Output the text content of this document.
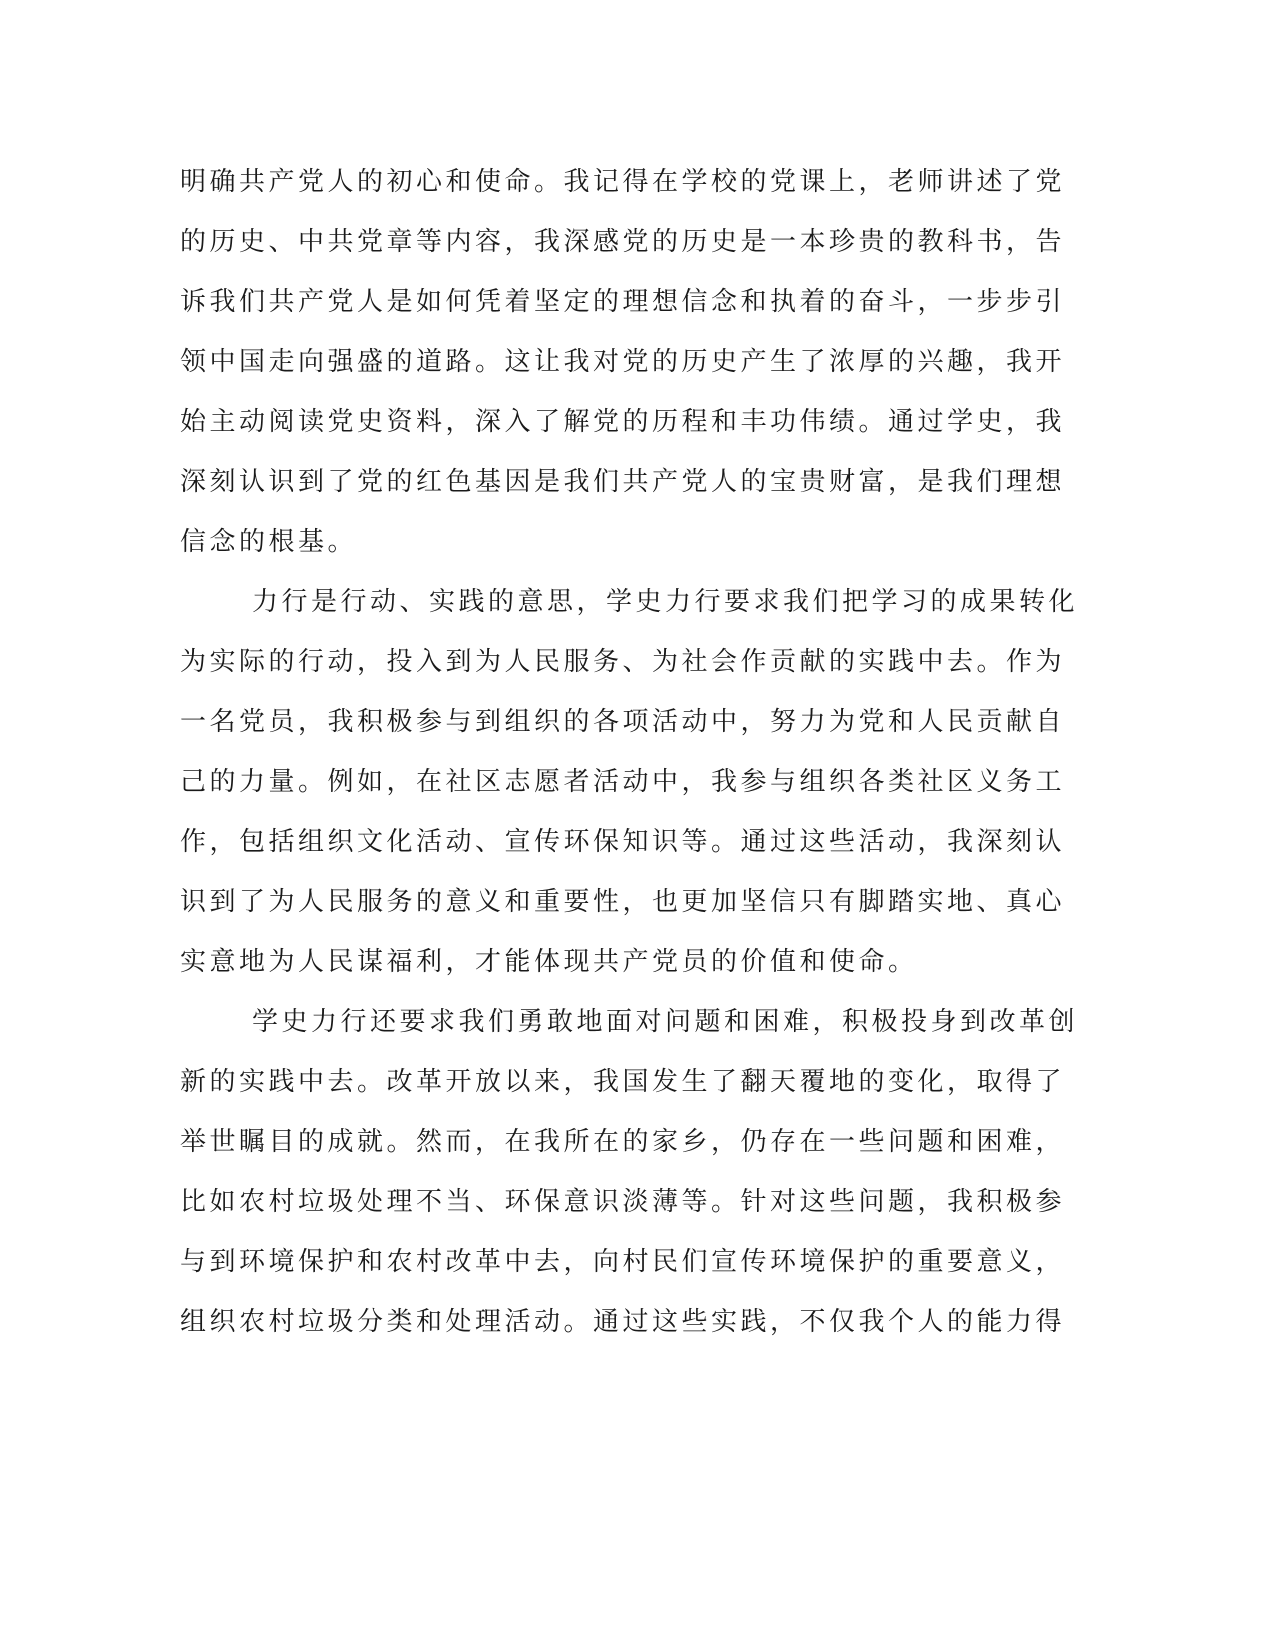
明确共产党人的初心和使命。我记得在学校的党课上，老师讲述了党
的历史、中共党章等内容，我深感党的历史是一本珍贵的教科书，告
诉我们共产党人是如何凭着坚定的理想信念和执着的奋斗，一步步引
领中国走向强盛的道路。这让我对党的历史产生了浓厚的兴趣，我开
始主动阅读党史资料，深入了解党的历程和丰功伟绩。通过学史，我
深刻认识到了党的红色基因是我们共产党人的宝贵财富，是我们理想
信念的根基。
力行是行动、实践的意思，学史力行要求我们把学习的成果转化
为实际的行动，投入到为人民服务、为社会作贡献的实践中去。作为
一名党员，我积极参与到组织的各项活动中，努力为党和人民贡献自
己的力量。例如，在社区志愿者活动中，我参与组织各类社区义务工
作，包括组织文化活动、宣传环保知识等。通过这些活动，我深刻认
识到了为人民服务的意义和重要性，也更加坚信只有脚踏实地、真心
实意地为人民谋福利，才能体现共产党员的价值和使命。
学史力行还要求我们勇敢地面对问题和困难，积极投身到改革创
新的实践中去。改革开放以来，我国发生了翻天覆地的变化，取得了
举世瞩目的成就。然而，在我所在的家乡，仍存在一些问题和困难，
比如农村垃圾处理不当、环保意识淡薄等。针对这些问题，我积极参
与到环境保护和农村改革中去，向村民们宣传环境保护的重要意义，
组织农村垃圾分类和处理活动。通过这些实践，不仅我个人的能力得
